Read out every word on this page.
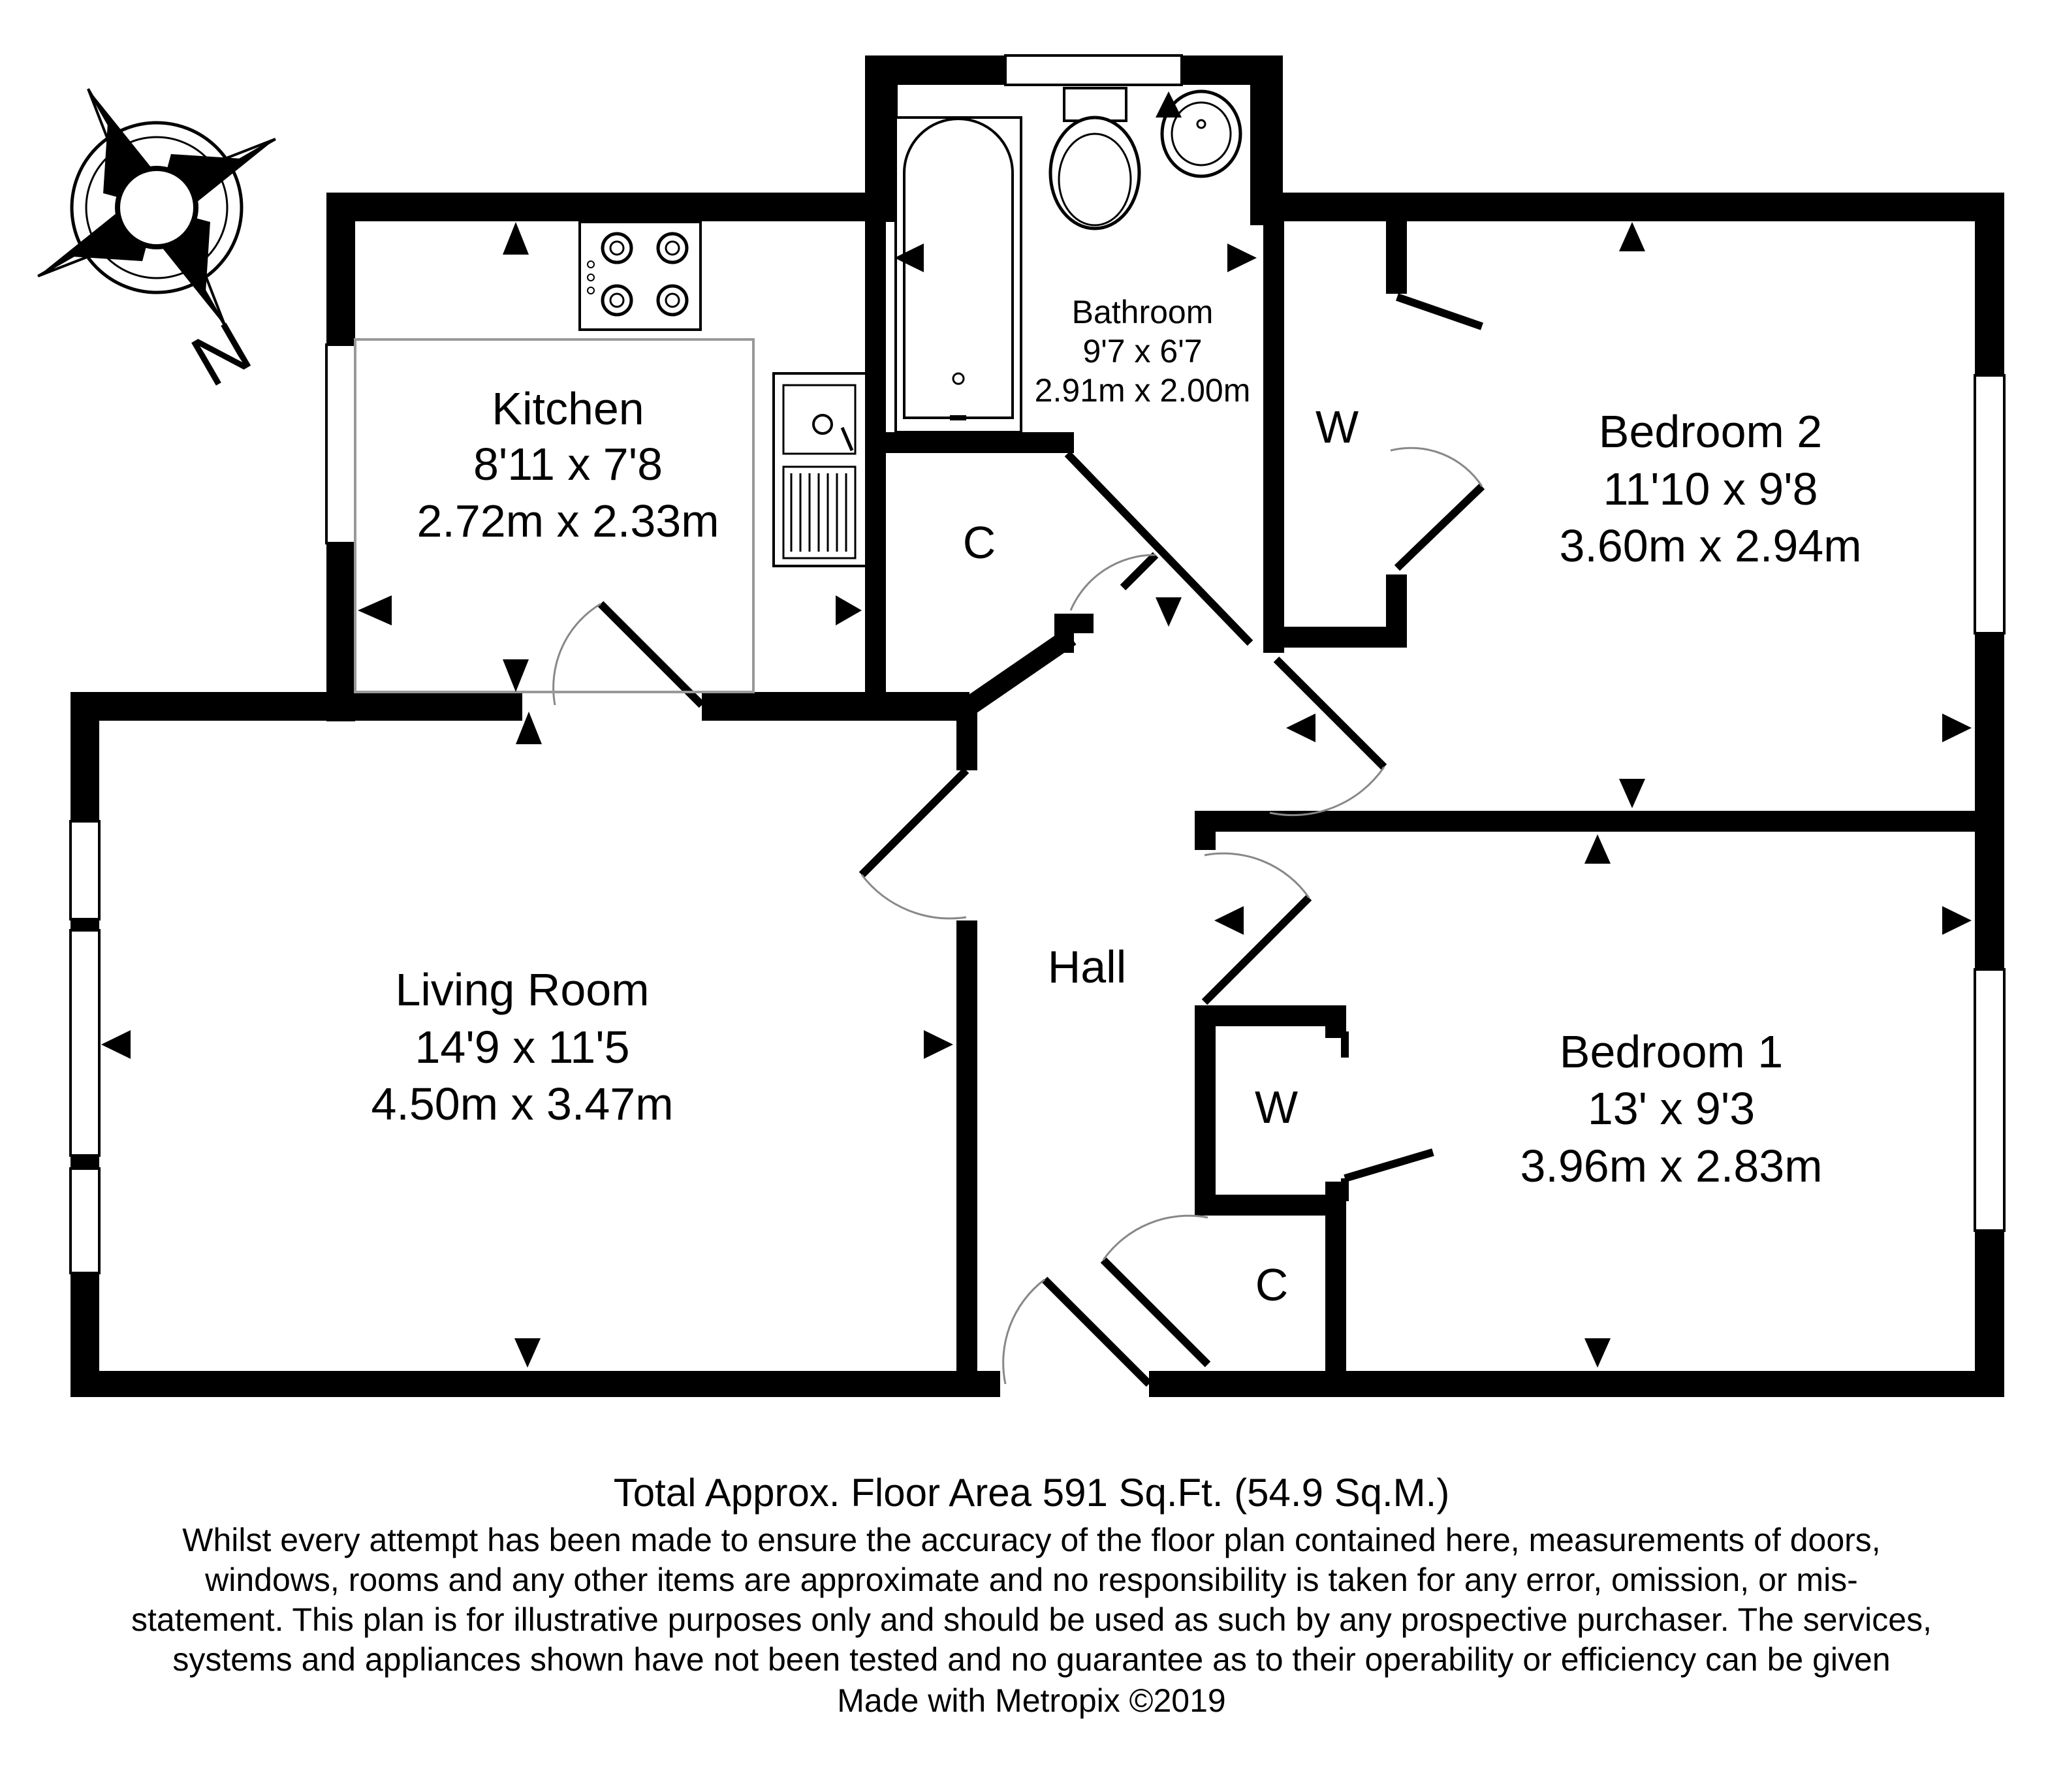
N
Kitchen
8'11 x 7'8
2.72m x 2.33m
Bathroom
9'7 x 6'7
2.91m x 2.00m
Bedroom 2
11'10 x 9'8
3.60m x 2.94m
Living Room
14'9 x 11'5
4.50m x 3.47m
Bedroom 1
13' x 9'3
3.96m x 2.83m
Hall
C
C
W
W
Total Approx. Floor Area 591 Sq.Ft. (54.9 Sq.M.)
Whilst every attempt has been made to ensure the accuracy of the floor plan contained here, measurements of doors, windows, rooms and any other items are approximate and no responsibility is taken for any error, omission, or mis-statement. This plan is for illustrative purposes only and should be used as such by any prospective purchaser. The services, systems and appliances shown have not been tested and no guarantee as to their operability or efficiency can be given
Made with Metropix ©2019
